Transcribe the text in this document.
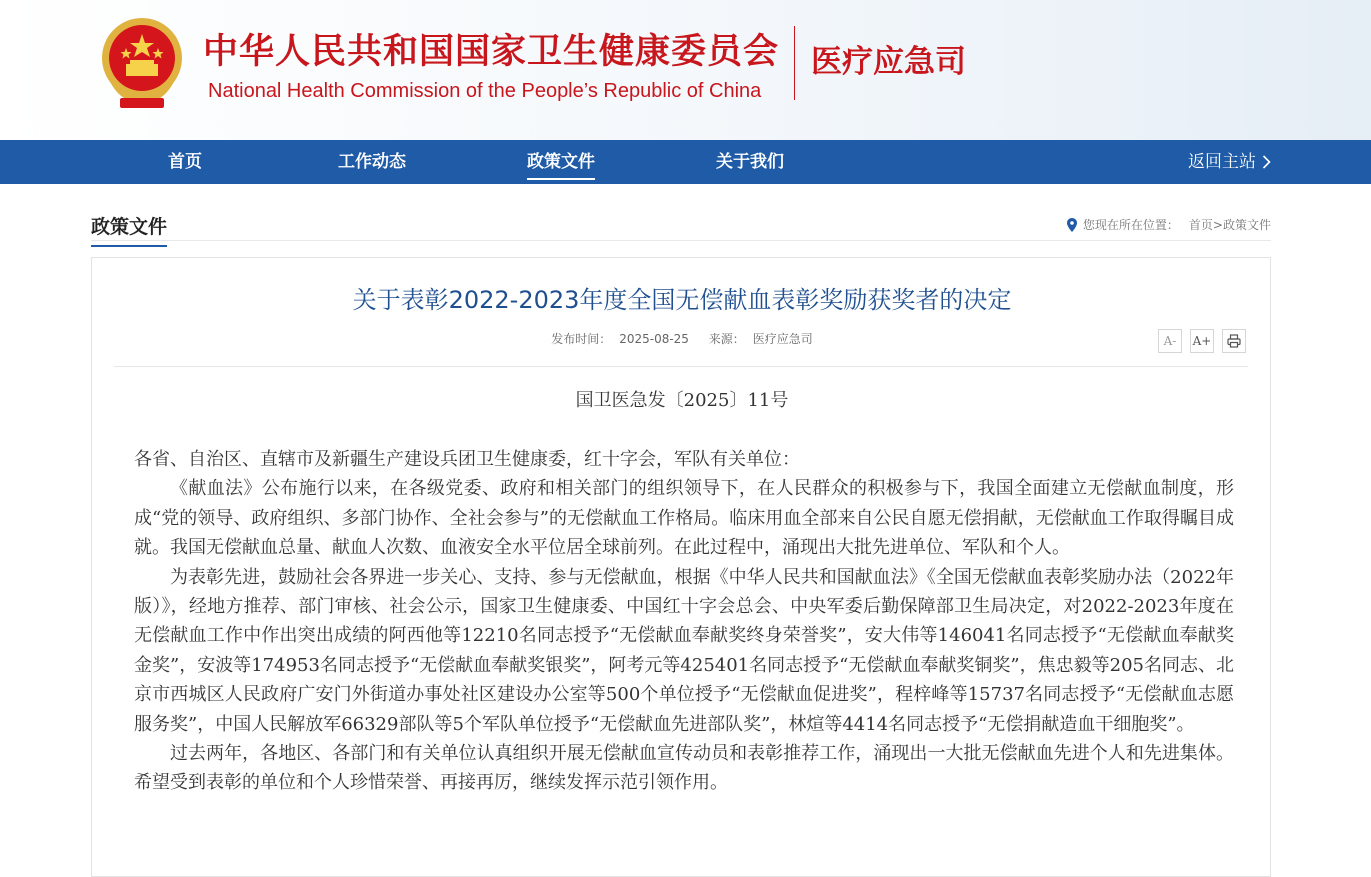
中华人民共和国国家卫生健康委员会
National Health Commission of the People’s Republic of China
医疗应急司
首页	工作动态	政策文件	关于我们	返回主站
政策文件	您现在所在位置： 首页 > 政策文件
关于表彰2022-2023年度全国无偿献血表彰奖励获奖者的决定
发布时间： 2025-08-25 来源： 医疗应急司	A-	A+
国卫医急发〔2025〕11号

各省、自治区、直辖市及新疆生产建设兵团卫生健康委，红十字会，军队有关单位：

《献血法》公布施行以来，在各级党委、政府和相关部门的组织领导下，在人民群众的积极参与下，我国全面建立无偿献血制度，形成“党的领导、政府组织、多部门协作、全社会参与”的无偿献血工作格局。临床用血全部来自公民自愿无偿捐献，无偿献血工作取得瞩目成就。我国无偿献血总量、献血人次数、血液安全水平位居全球前列。在此过程中，涌现出大批先进单位、军队和个人。

为表彰先进，鼓励社会各界进一步关心、支持、参与无偿献血，根据《中华人民共和国献血法》《全国无偿献血表彰奖励办法（2022年版）》，经地方推荐、部门审核、社会公示，国家卫生健康委、中国红十字会总会、中央军委后勤保障部卫生局决定，对2022-2023年度在无偿献血工作中作出突出成绩的阿西他等12210名同志授予“无偿献血奉献奖终身荣誉奖”，安大伟等146041名同志授予“无偿献血奉献奖金奖”，安波等174953名同志授予“无偿献血奉献奖银奖”，阿考元等425401名同志授予“无偿献血奉献奖铜奖”，焦忠毅等205名同志、北京市西城区人民政府广安门外街道办事处社区建设办公室等500个单位授予“无偿献血促进奖”，程梓峰等15737名同志授予“无偿献血志愿服务奖”，中国人民解放军66329部队等5个军队单位授予“无偿献血先进部队奖”，林煊等4414名同志授予“无偿捐献造血干细胞奖”。

过去两年，各地区、各部门和有关单位认真组织开展无偿献血宣传动员和表彰推荐工作，涌现出一大批无偿献血先进个人和先进集体。希望受到表彰的单位和个人珍惜荣誉、再接再厉，继续发挥示范引领作用。
